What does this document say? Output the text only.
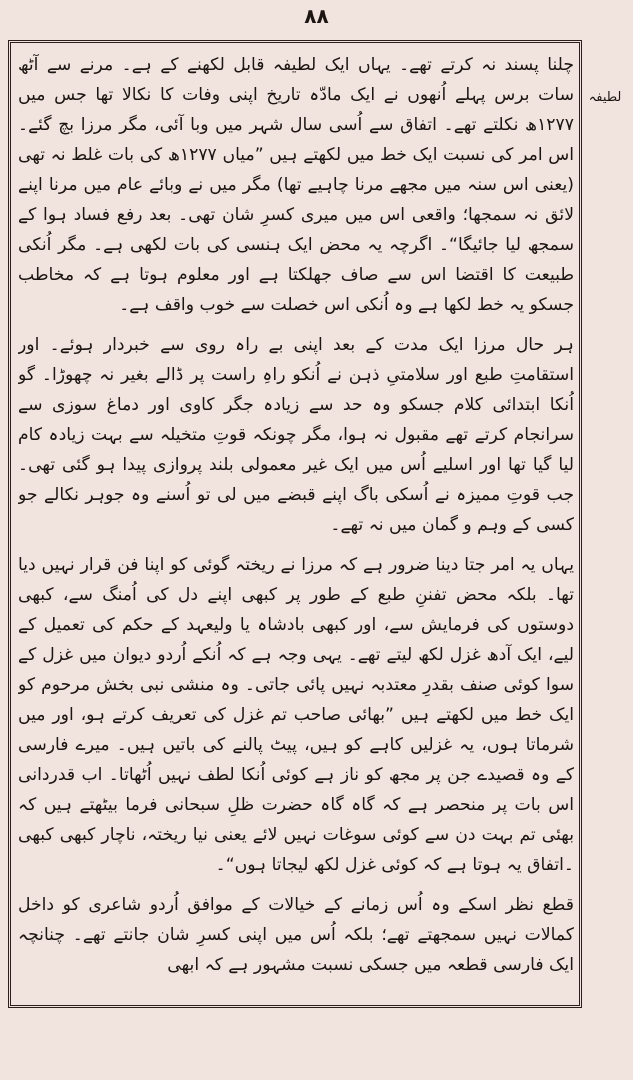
۸۸
لطیفہ

چلنا پسند نہ کرتے تھے۔ یہاں ایک لطیفہ قابل لکھنے کے ہے۔ مرنے سے آٹھ سات برس پہلے اُنھوں نے ایک مادّہ تاریخ اپنی وفات کا نکالا تھا جس میں ۱۲۷۷ھ نکلتے تھے۔ اتفاق سے اُسی سال شہر میں وبا آئی، مگر مرزا بچ گئے۔ اس امر کی نسبت ایک خط میں لکھتے ہیں ”میاں ۱۲۷۷ھ کی بات غلط نہ تھی (یعنی اس سنہ میں مجھے مرنا چاہیے تھا) مگر میں نے وبائے عام میں مرنا اپنے لائق نہ سمجھا؛ واقعی اس میں میری کسرِ شان تھی۔ بعد رفع فساد ہوا کے سمجھ لیا جائیگا“۔ اگرچہ یہ محض ایک ہنسی کی بات لکھی ہے۔ مگر اُنکی طبیعت کا اقتضا اس سے صاف جھلکتا ہے اور معلوم ہوتا ہے کہ مخاطب جسکو یہ خط لکھا ہے وہ اُنکی اس خصلت سے خوب واقف ہے۔

ہر حال مرزا ایک مدت کے بعد اپنی بے راہ روی سے خبردار ہوئے۔ اور استقامتِ طبع اور سلامتیِ ذہن نے اُنکو راہِ راست پر ڈالے بغیر نہ چھوڑا۔ گو اُنکا ابتدائی کلام جسکو وہ حد سے زیادہ جگر کاوی اور دماغ سوزی سے سرانجام کرتے تھے مقبول نہ ہوا، مگر چونکہ قوتِ متخیلہ سے بہت زیادہ کام لیا گیا تھا اور اسلیے اُس میں ایک غیر معمولی بلند پروازی پیدا ہو گئی تھی۔ جب قوتِ ممیزہ نے اُسکی باگ اپنے قبضے میں لی تو اُسنے وہ جوہر نکالے جو کسی کے وہم و گمان میں نہ تھے۔

یہاں یہ امر جتا دینا ضرور ہے کہ مرزا نے ریختہ گوئی کو اپنا فن قرار نہیں دیا تھا۔ بلکہ محض تفننِ طبع کے طور پر کبھی اپنے دل کی اُمنگ سے، کبھی دوستوں کی فرمایش سے، اور کبھی بادشاہ یا ولیعہد کے حکم کی تعمیل کے لیے، ایک آدھ غزل لکھ لیتے تھے۔ یہی وجہ ہے کہ اُنکے اُردو دیوان میں غزل کے سوا کوئی صنف بقدرِ معتدبہ نہیں پائی جاتی۔ وہ منشی نبی بخش مرحوم کو ایک خط میں لکھتے ہیں ”بھائی صاحب تم غزل کی تعریف کرتے ہو، اور میں شرماتا ہوں، یہ غزلیں کاہے کو ہیں، پیٹ پالنے کی باتیں ہیں۔ میرے فارسی کے وہ قصیدے جن پر مجھ کو ناز ہے کوئی اُنکا لطف نہیں اُٹھاتا۔ اب قدردانی اس بات پر منحصر ہے کہ گاہ گاہ حضرت ظلِ سبحانی فرما بیٹھتے ہیں کہ بھئی تم بہت دن سے کوئی سوغات نہیں لائے یعنی نیا ریختہ، ناچار کبھی کبھی ۔اتفاق یہ ہوتا ہے کہ کوئی غزل لکھ لیجاتا ہوں“۔

قطع نظر اسکے وہ اُس زمانے کے خیالات کے موافق اُردو شاعری کو داخل کمالات نہیں سمجھتے تھے؛ بلکہ اُس میں اپنی کسرِ شان جانتے تھے۔ چنانچہ ایک فارسی قطعہ میں جسکی نسبت مشہور ہے کہ ابھی
